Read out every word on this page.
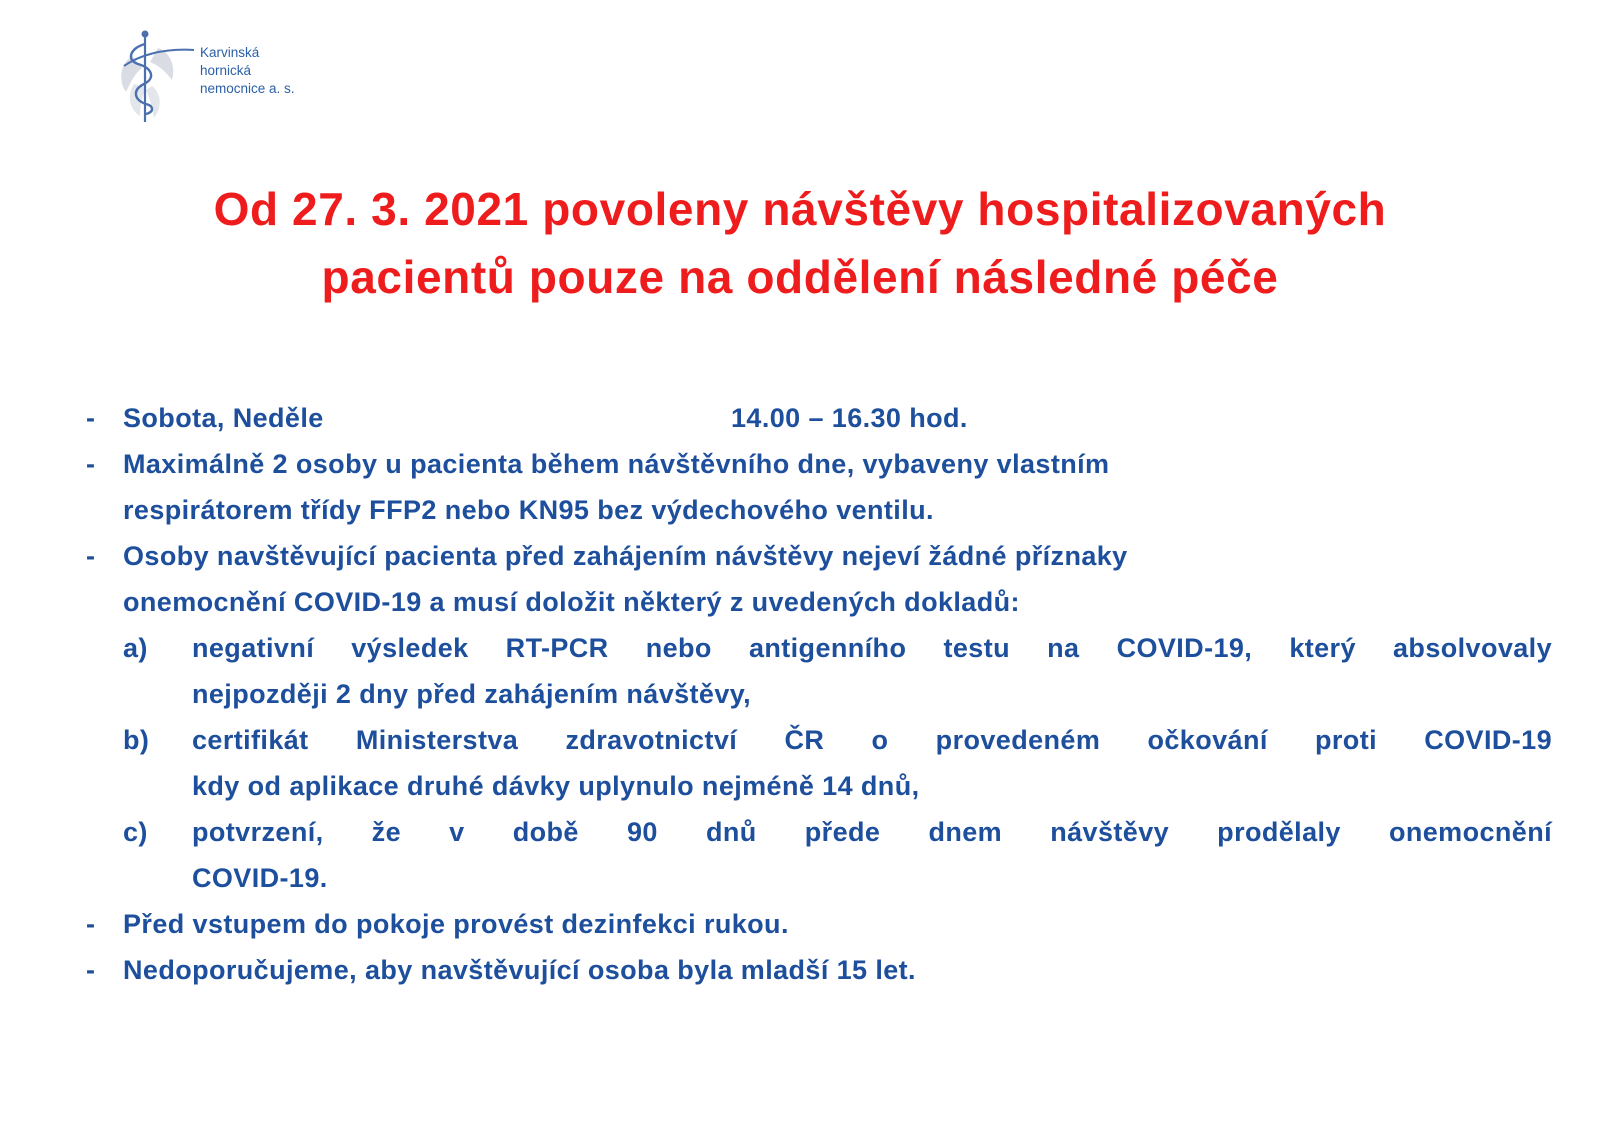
Karvinská
hornická
nemocnice a. s.
Od 27. 3. 2021 povoleny návštěvy hospitalizovaných
pacientů pouze na oddělení následné péče
- Sobota, Neděle	14.00 – 16.30 hod.
- Maximálně 2 osoby u pacienta během návštěvního dne, vybaveny vlastním
respirátorem třídy FFP2 nebo KN95 bez výdechového ventilu.
- Osoby navštěvující pacienta před zahájením návštěvy nejeví žádné příznaky
onemocnění COVID-19 a musí doložit některý z uvedených dokladů:
a) negativní výsledek RT-PCR nebo antigenního testu na COVID-19, který absolvovaly
nejpozději 2 dny před zahájením návštěvy,
b) certifikát Ministerstva zdravotnictví ČR o provedeném očkování proti COVID-19
kdy od aplikace druhé dávky uplynulo nejméně 14 dnů,
c) potvrzení, že v době 90 dnů přede dnem návštěvy prodělaly onemocnění
COVID-19.
- Před vstupem do pokoje provést dezinfekci rukou.
- Nedoporučujeme, aby navštěvující osoba byla mladší 15 let.
